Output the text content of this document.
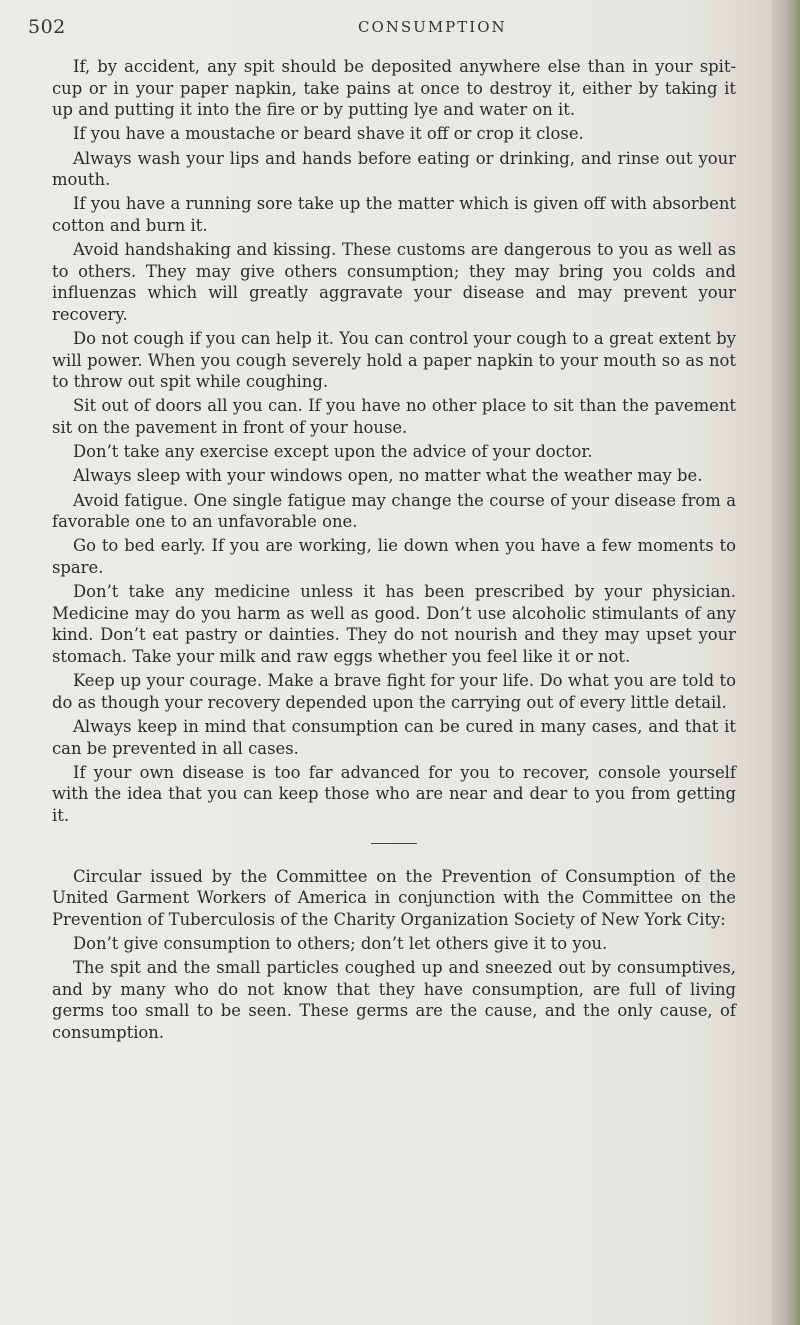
502	CONSUMPTION

If, by accident, any spit should be deposited anywhere else than in your spit-cup or in your paper napkin, take pains at once to destroy it, either by taking it up and putting it into the fire or by putting lye and water on it.

If you have a moustache or beard shave it off or crop it close.

Always wash your lips and hands before eating or drinking, and rinse out your mouth.

If you have a running sore take up the matter which is given off with absorbent cotton and burn it.

Avoid handshaking and kissing. These customs are dangerous to you as well as to others. They may give others consumption; they may bring you colds and influenzas which will greatly aggravate your disease and may prevent your recovery.

Do not cough if you can help it. You can control your cough to a great extent by will power. When you cough severely hold a paper napkin to your mouth so as not to throw out spit while coughing.

Sit out of doors all you can. If you have no other place to sit than the pavement sit on the pavement in front of your house.

Don’t take any exercise except upon the advice of your doctor.

Always sleep with your windows open, no matter what the weather may be.

Avoid fatigue. One single fatigue may change the course of your disease from a favorable one to an unfavorable one.

Go to bed early. If you are working, lie down when you have a few moments to spare.

Don’t take any medicine unless it has been prescribed by your physician. Medicine may do you harm as well as good. Don’t use alcoholic stimulants of any kind. Don’t eat pastry or dainties. They do not nourish and they may upset your stomach. Take your milk and raw eggs whether you feel like it or not.

Keep up your courage. Make a brave fight for your life. Do what you are told to do as though your recovery depended upon the carrying out of every little detail.

Always keep in mind that consumption can be cured in many cases, and that it can be prevented in all cases.

If your own disease is too far advanced for you to recover, console yourself with the idea that you can keep those who are near and dear to you from getting it.

Circular issued by the Committee on the Prevention of Consumption of the United Garment Workers of America in conjunction with the Committee on the Prevention of Tuberculosis of the Charity Organization Society of New York City:

Don’t give consumption to others; don’t let others give it to you.

The spit and the small particles coughed up and sneezed out by consumptives, and by many who do not know that they have consumption, are full of living germs too small to be seen. These germs are the cause, and the only cause, of consumption.
